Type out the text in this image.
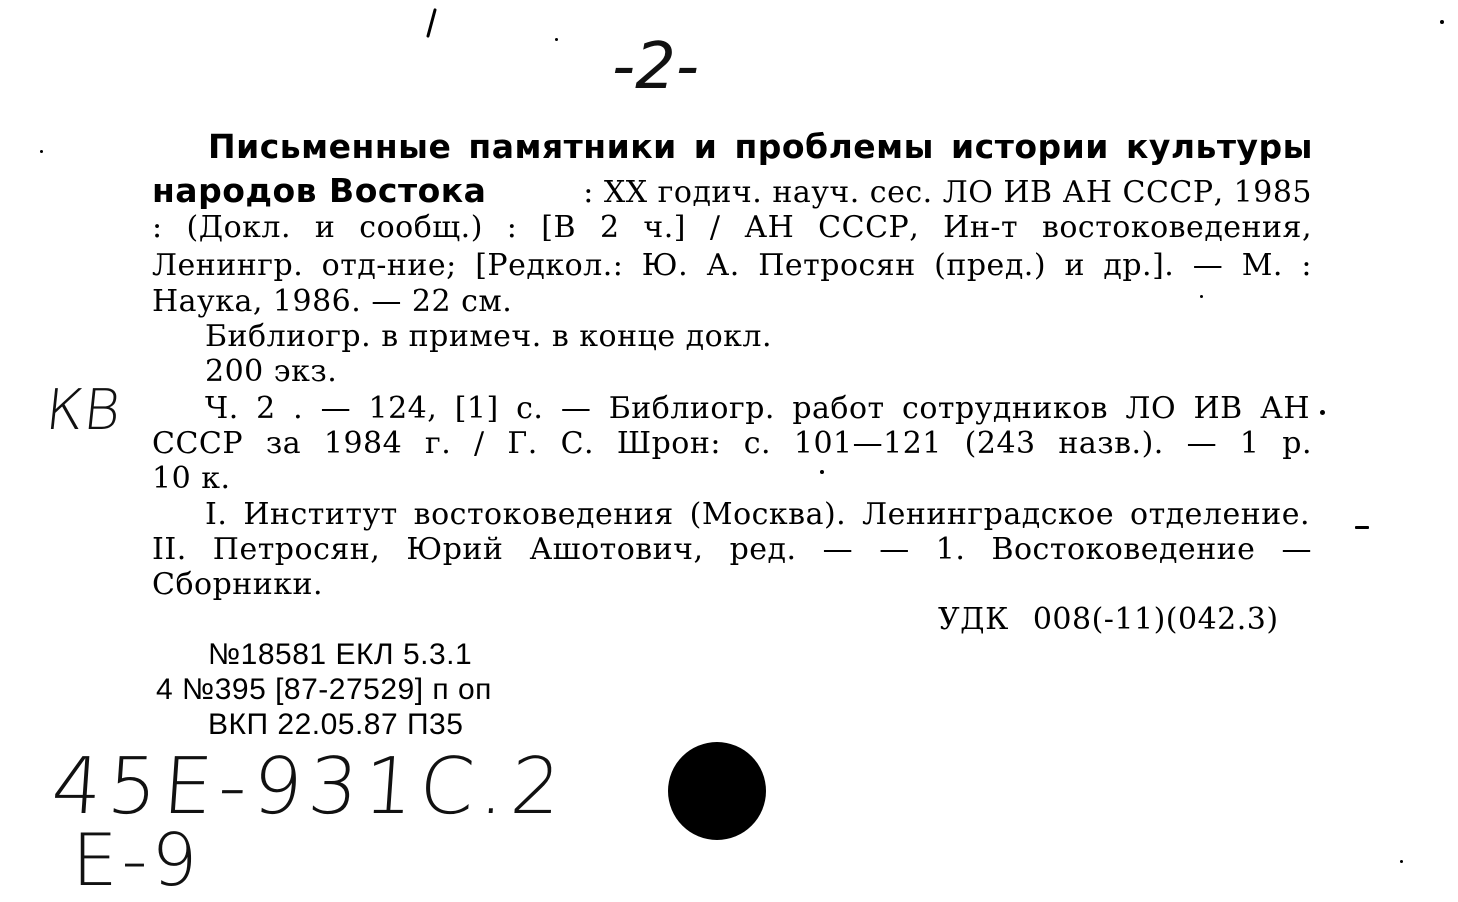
-2-
Письменные памятники и проблемы истории культуры
народов Востока	: XX годич. науч. сес. ЛО ИВ АН СССР, 1985
: (Докл. и сообщ.) : [В 2 ч.] / АН СССР, Ин-т востоковедения,
Ленингр. отд-ние; [Редкол.: Ю. А. Петросян (пред.) и др.]. — М. :
Наука, 1986. — 22 см.
Библиогр. в примеч. в конце докл.
200 экз.
Ч. 2 . — 124, [1] с. — Библиогр. работ сотрудников ЛО ИВ АН
СССР за 1984 г. / Г. С. Шрон: с. 101—121 (243 назв.). — 1 р.
10 к.
I. Институт востоковедения (Москва). Ленинградское отделение.
II. Петросян, Юрий Ашотович, ред. — — 1. Востоковедение —
Сборники.
УДК 008(-11)(042.3)
№18581 ЕКЛ 5.3.1
4 №395 [87-27529] п оп
ВКП 22.05.87 П35
КВ
45E-931C.2
E-9
